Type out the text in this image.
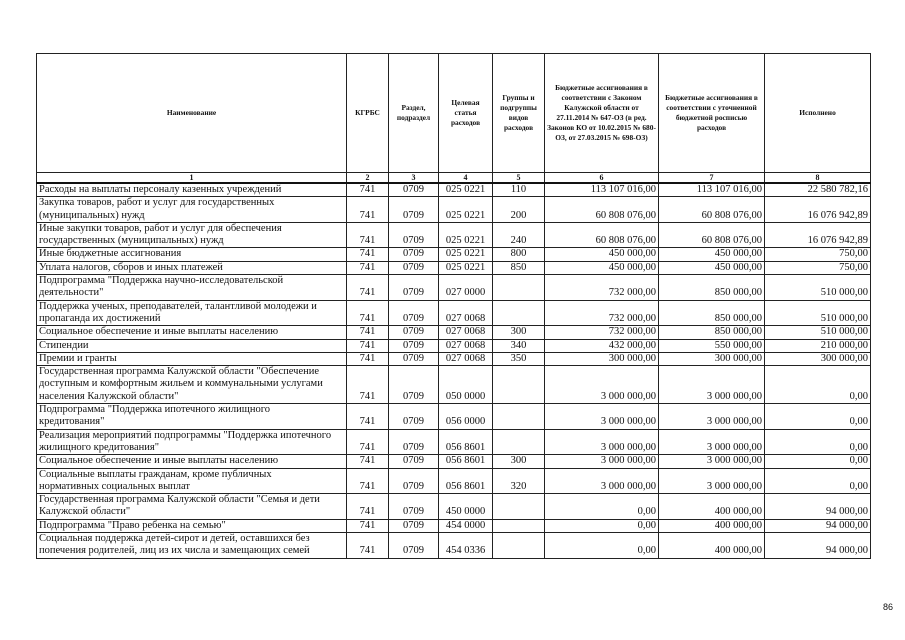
Наименование	КГРБС	Раздел, подраздел	Целевая статья расходов	Группы и подгруппы видов расходов	Бюджетные ассигнования в соответствии с Законом Калужской области от 27.11.2014 № 647-ОЗ (в ред. Законов КО от 10.02.2015 № 680-ОЗ, от 27.03.2015 № 698-ОЗ)	Бюджетные ассигнования в соответствии с уточненной бюджетной росписью расходов	Исполнено
1	2	3	4	5	6	7	8
Расходы на выплаты персоналу казенных учреждений	741	0709	025 0221	110	113 107 016,00	113 107 016,00	22 580 782,16
Закупка товаров, работ и услуг для государственных
(муниципальных) нужд	741	0709	025 0221	200	60 808 076,00	60 808 076,00	16 076 942,89
Иные закупки товаров, работ и услуг для обеспечения
государственных (муниципальных) нужд	741	0709	025 0221	240	60 808 076,00	60 808 076,00	16 076 942,89
Иные бюджетные ассигнования	741	0709	025 0221	800	450 000,00	450 000,00	750,00
Уплата налогов, сборов и иных платежей	741	0709	025 0221	850	450 000,00	450 000,00	750,00
Подпрограмма "Поддержка научно-исследовательской
деятельности"	741	0709	027 0000		732 000,00	850 000,00	510 000,00
Поддержка ученых, преподавателей, талантливой молодежи и
пропаганда их достижений	741	0709	027 0068		732 000,00	850 000,00	510 000,00
Социальное обеспечение и иные выплаты населению	741	0709	027 0068	300	732 000,00	850 000,00	510 000,00
Стипендии	741	0709	027 0068	340	432 000,00	550 000,00	210 000,00
Премии и гранты	741	0709	027 0068	350	300 000,00	300 000,00	300 000,00
Государственная программа Калужской области "Обеспечение
доступным и комфортным жильем и коммунальными услугами
населения Калужской области"	741	0709	050 0000		3 000 000,00	3 000 000,00	0,00
Подпрограмма "Поддержка ипотечного жилищного
кредитования"	741	0709	056 0000		3 000 000,00	3 000 000,00	0,00
Реализация мероприятий подпрограммы "Поддержка ипотечного
жилищного кредитования"	741	0709	056 8601		3 000 000,00	3 000 000,00	0,00
Социальное обеспечение и иные выплаты населению	741	0709	056 8601	300	3 000 000,00	3 000 000,00	0,00
Социальные выплаты гражданам, кроме публичных
нормативных социальных выплат	741	0709	056 8601	320	3 000 000,00	3 000 000,00	0,00
Государственная программа Калужской области "Семья и дети
Калужской области"	741	0709	450 0000		0,00	400 000,00	94 000,00
Подпрограмма "Право ребенка на семью"	741	0709	454 0000		0,00	400 000,00	94 000,00
Социальная поддержка детей-сирот и детей, оставшихся без
попечения родителей, лиц из их числа и замещающих семей	741	0709	454 0336		0,00	400 000,00	94 000,00
86
